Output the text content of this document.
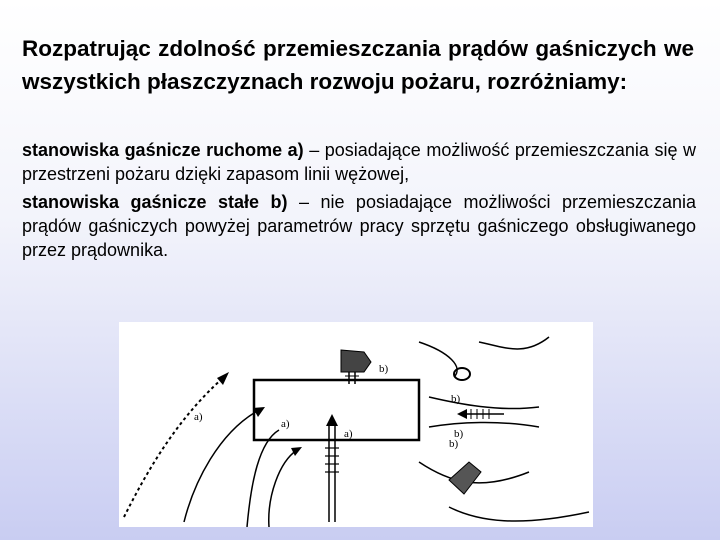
Rozpatrując zdolność przemieszczania prądów gaśniczych we wszystkich płaszczyznach rozwoju pożaru, rozróżniamy:

stanowiska gaśnicze ruchome a) – posiadające możliwość przemieszczania się w przestrzeni pożaru dzięki zapasom linii wężowej,

stanowiska gaśnicze stałe b) – nie posiadające możliwości przemieszczania prądów gaśniczych powyżej parametrów pracy sprzętu gaśniczego obsługiwanego przez prądownika.

a)
a)
a)
b)
b)
b)
b)
